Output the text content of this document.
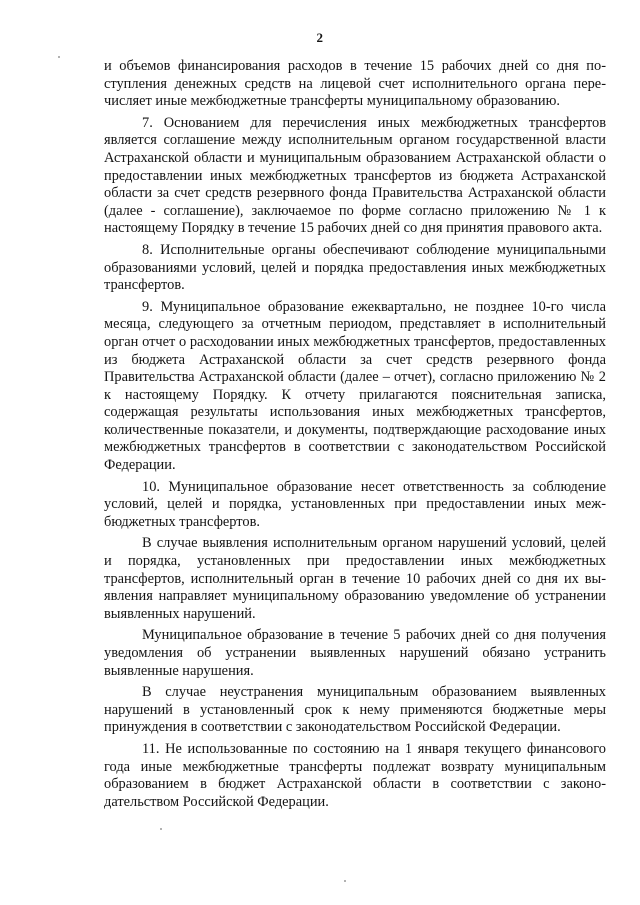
2

и объемов финансирования расходов в течение 15 рабочих дней со дня поступления денежных средств на лицевой счет исполнительного органа перечисляет иные межбюджетные трансферты муниципальному образованию.

7. Основанием для перечисления иных межбюджетных трансфертов является соглашение между исполнительным органом государственной власти Астраханской области и муниципальным образованием Астраханской области о предоставлении иных межбюджетных трансфертов из бюджета Астраханской области за счет средств резервного фонда Правительства Астраханской области (далее - соглашение), заключаемое по форме согласно приложению № 1 к настоящему Порядку в течение 15 рабочих дней со дня принятия правового акта.

8. Исполнительные органы обеспечивают соблюдение муниципальными образованиями условий, целей и порядка предоставления иных межбюджетных трансфертов.

9. Муниципальное образование ежеквартально, не позднее 10-го числа месяца, следующего за отчетным периодом, представляет в исполнительный орган отчет о расходовании иных межбюджетных трансфертов, предоставленных из бюджета Астраханской области за счет средств резервного фонда Правительства Астраханской области (далее – отчет), согласно приложению № 2 к настоящему Порядку. К отчету прилагаются пояснительная записка, содержащая результаты использования иных межбюджетных трансфертов, количественные показатели, и документы, подтверждающие расходование иных межбюджетных трансфертов в соответствии с законодательством Российской Федерации.

10. Муниципальное образование несет ответственность за соблюдение условий, целей и порядка, установленных при предоставлении иных межбюджетных трансфертов.

В случае выявления исполнительным органом нарушений условий, целей и порядка, установленных при предоставлении иных межбюджетных трансфертов, исполнительный орган в течение 10 рабочих дней со дня их выявления направляет муниципальному образованию уведомление об устранении выявленных нарушений.

Муниципальное образование в течение 5 рабочих дней со дня получения уведомления об устранении выявленных нарушений обязано устранить выявленные нарушения.

В случае неустранения муниципальным образованием выявленных нарушений в установленный срок к нему применяются бюджетные меры принуждения в соответствии с законодательством Российской Федерации.

11. Не использованные по состоянию на 1 января текущего финансового года иные межбюджетные трансферты подлежат возврату муниципальным образованием в бюджет Астраханской области в соответствии с законодательством Российской Федерации.
